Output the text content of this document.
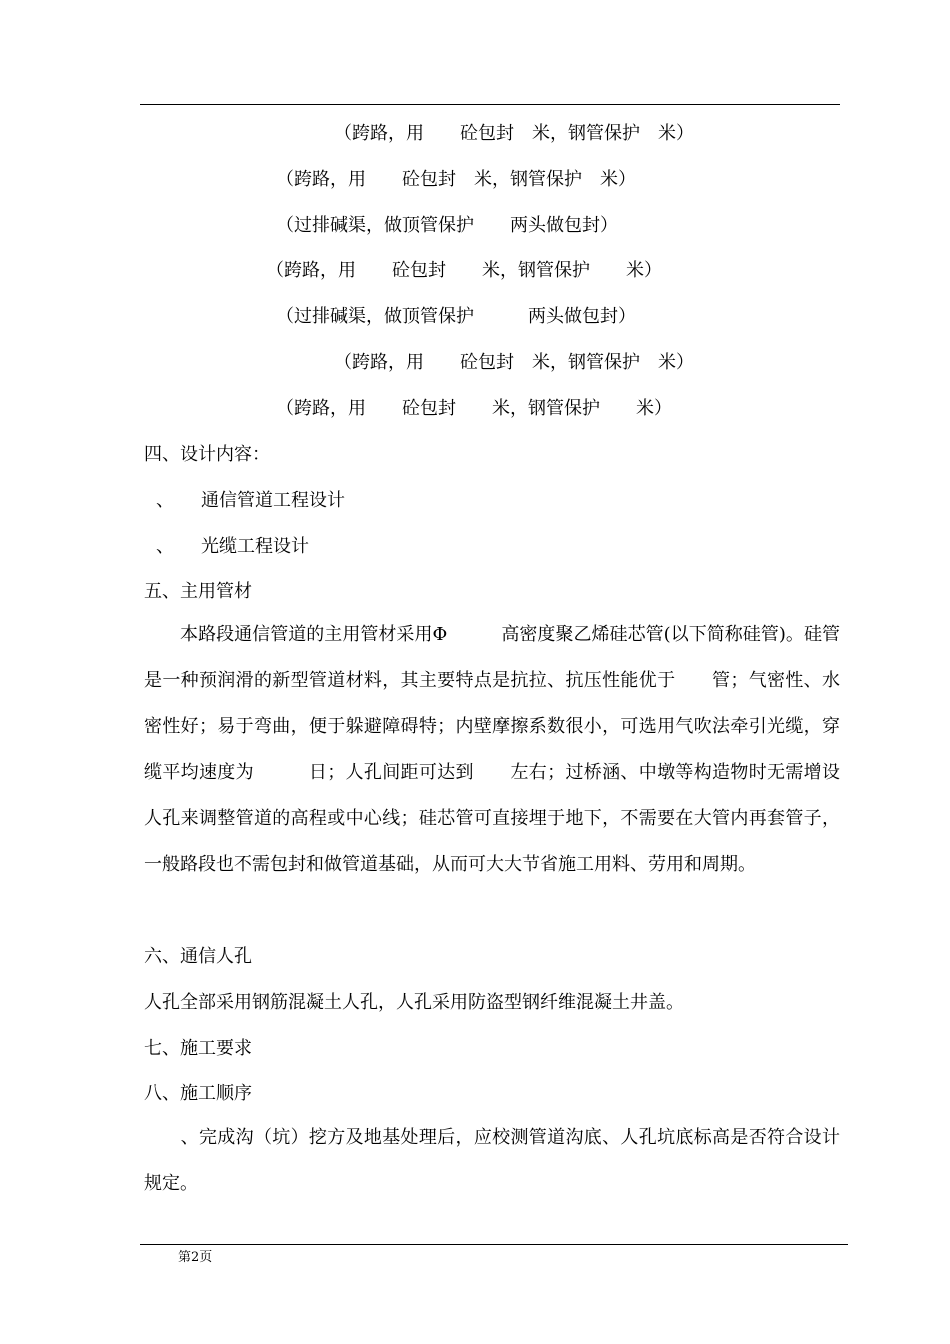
（跨路，用　　砼包封　米，钢管保护　米）
（跨路，用　　砼包封　米，钢管保护　米）
（过排碱渠，做顶管保护　　两头做包封）
（跨路，用　　砼包封　　米，钢管保护　　米）
（过排碱渠，做顶管保护　　　两头做包封）
（跨路，用　　砼包封　米，钢管保护　米）
（跨路，用　　砼包封　　米，钢管保护　　米）
四、设计内容：
、　　通信管道工程设计
、　　光缆工程设计
五、主用管材
　　本路段通信管道的主用管材采用Φ　　　高密度聚乙烯硅芯管(以下简称硅管)。硅管是一种预润滑的新型管道材料，其主要特点是抗拉、抗压性能优于　　管；气密性、水密性好；易于弯曲，便于躲避障碍特；内壁摩擦系数很小，可选用气吹法牵引光缆，穿缆平均速度为　　　日；人孔间距可达到　　左右；过桥涵、中墩等构造物时无需增设人孔来调整管道的高程或中心线；硅芯管可直接埋于地下，不需要在大管内再套管子，一般路段也不需包封和做管道基础，从而可大大节省施工用料、劳用和周期。
六、通信人孔
人孔全部采用钢筋混凝土人孔，人孔采用防盗型钢纤维混凝土井盖。
七、施工要求
八、施工顺序
　　、完成沟（坑）挖方及地基处理后，应校测管道沟底、人孔坑底标高是否符合设计规定。
第2页
